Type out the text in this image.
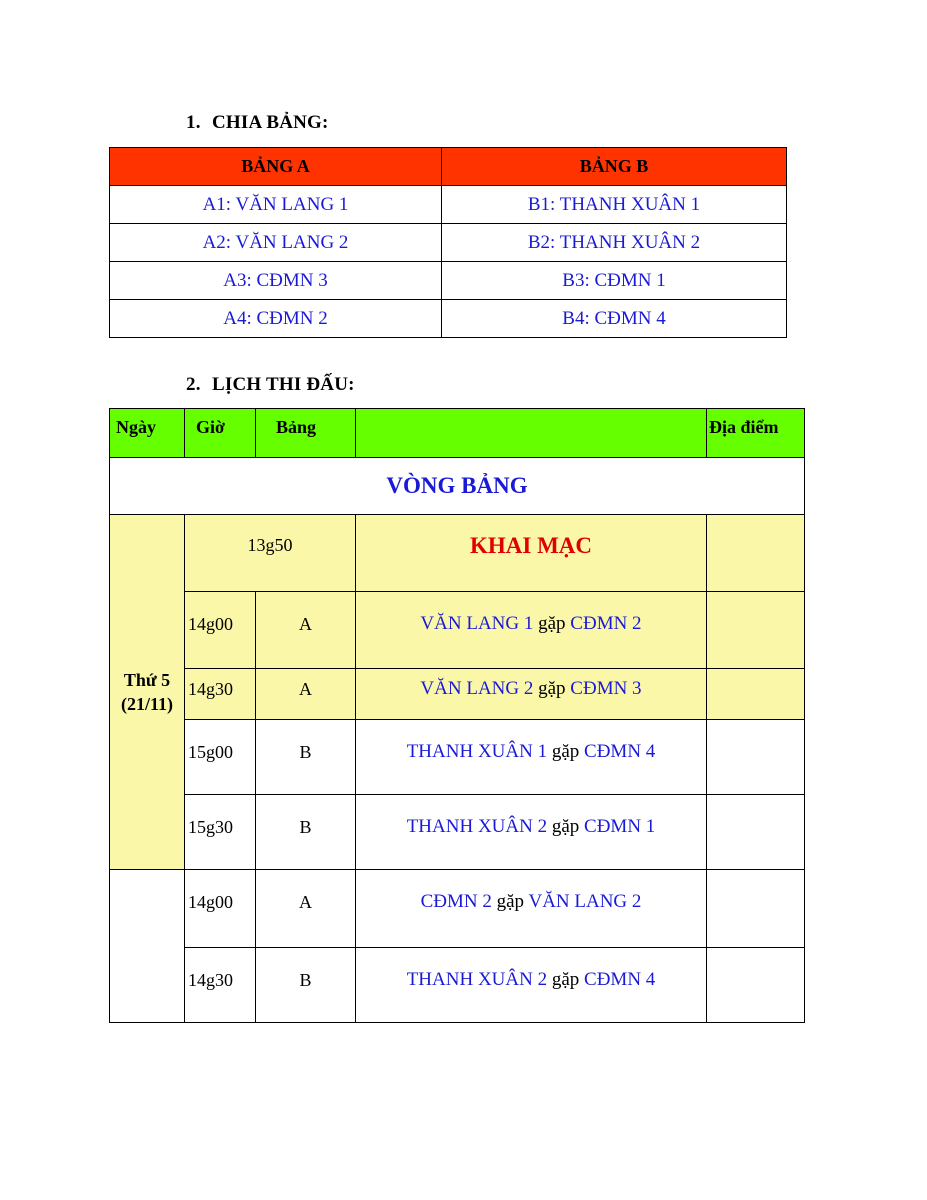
1. CHIA BẢNG:
BẢNG A	BẢNG B
A1: VĂN LANG 1	B1: THANH XUÂN 1
A2: VĂN LANG 2	B2: THANH XUÂN 2
A3: CĐMN 3	B3: CĐMN 1
A4: CĐMN 2	B4: CĐMN 4
2. LỊCH THI ĐẤU:
Ngày	Giờ	Bảng		Địa điểm
VÒNG BẢNG				

Thứ 5
(21/11)	13g50		KHAI MẠC	
	14g00	A	VĂN LANG 1 gặp CĐMN 2	
	14g30	A	VĂN LANG 2 gặp CĐMN 3	
	15g00	B	THANH XUÂN 1 gặp CĐMN 4	
	15g30	B	THANH XUÂN 2 gặp CĐMN 1	
	14g00	A	CĐMN 2 gặp VĂN LANG 2	
	14g30	B	THANH XUÂN 2 gặp CĐMN 4	
